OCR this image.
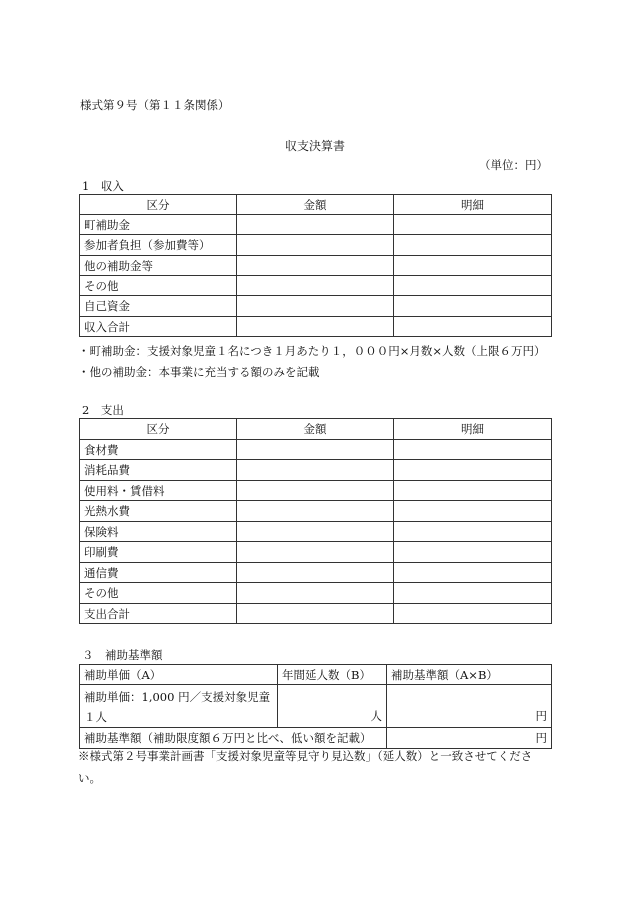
様式第９号（第１１条関係）
収支決算書
（単位：円）
1　収入
区分	金額	明細
町補助金		
参加者負担（参加費等）		
他の補助金等		
その他		
自己資金		
収入合計		
・町補助金：支援対象児童１名につき１月あたり１，０００円×月数×人数（上限６万円）
・他の補助金：本事業に充当する額のみを記載
2　支出
区分	金額	明細
食材費		
消耗品費		
使用料・賃借料		
光熱水費		
保険料		
印刷費		
通信費		
その他		
支出合計		
３　補助基準額
補助単価（A）	年間延人数（B）	補助基準額（A×B）

補助単価：1,000 円／支援対象児童
１人	人	円
補助基準額（補助限度額６万円と比べ、低い額を記載）		円
※様式第２号事業計画書「支援対象児童等見守り見込数」（延人数）と一致させてくださ
い。
